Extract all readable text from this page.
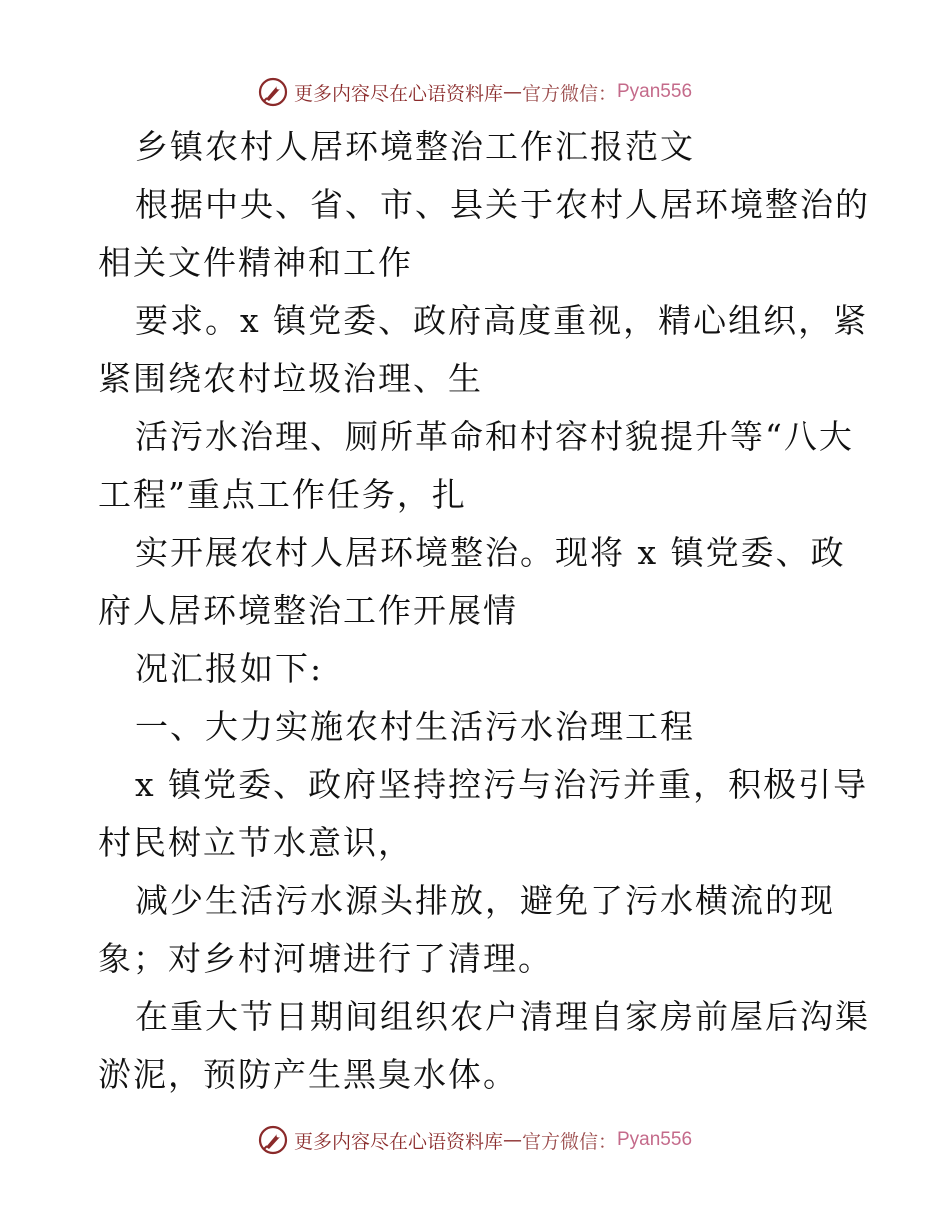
更多内容尽在心语资料库 — 官方微信： Pyan556
乡镇农村人居环境整治工作汇报范文
根据中央、省、市、县关于农村人居环境整治的
相关文件精神和工作
要求。x 镇党委、政府高度重视，精心组织，紧
紧围绕农村垃圾治理、生
活污水治理、厕所革命和村容村貌提升等“八大
工程”重点工作任务，扎
实开展农村人居环境整治。现将 x 镇党委、政
府人居环境整治工作开展情
况汇报如下:
一、大力实施农村生活污水治理工程
x 镇党委、政府坚持控污与治污并重，积极引导
村民树立节水意识，
减少生活污水源头排放，避免了污水横流的现
象；对乡村河塘进行了清理。
在重大节日期间组织农户清理自家房前屋后沟渠
淤泥，预防产生黑臭水体。
更多内容尽在心语资料库 — 官方微信： Pyan556
